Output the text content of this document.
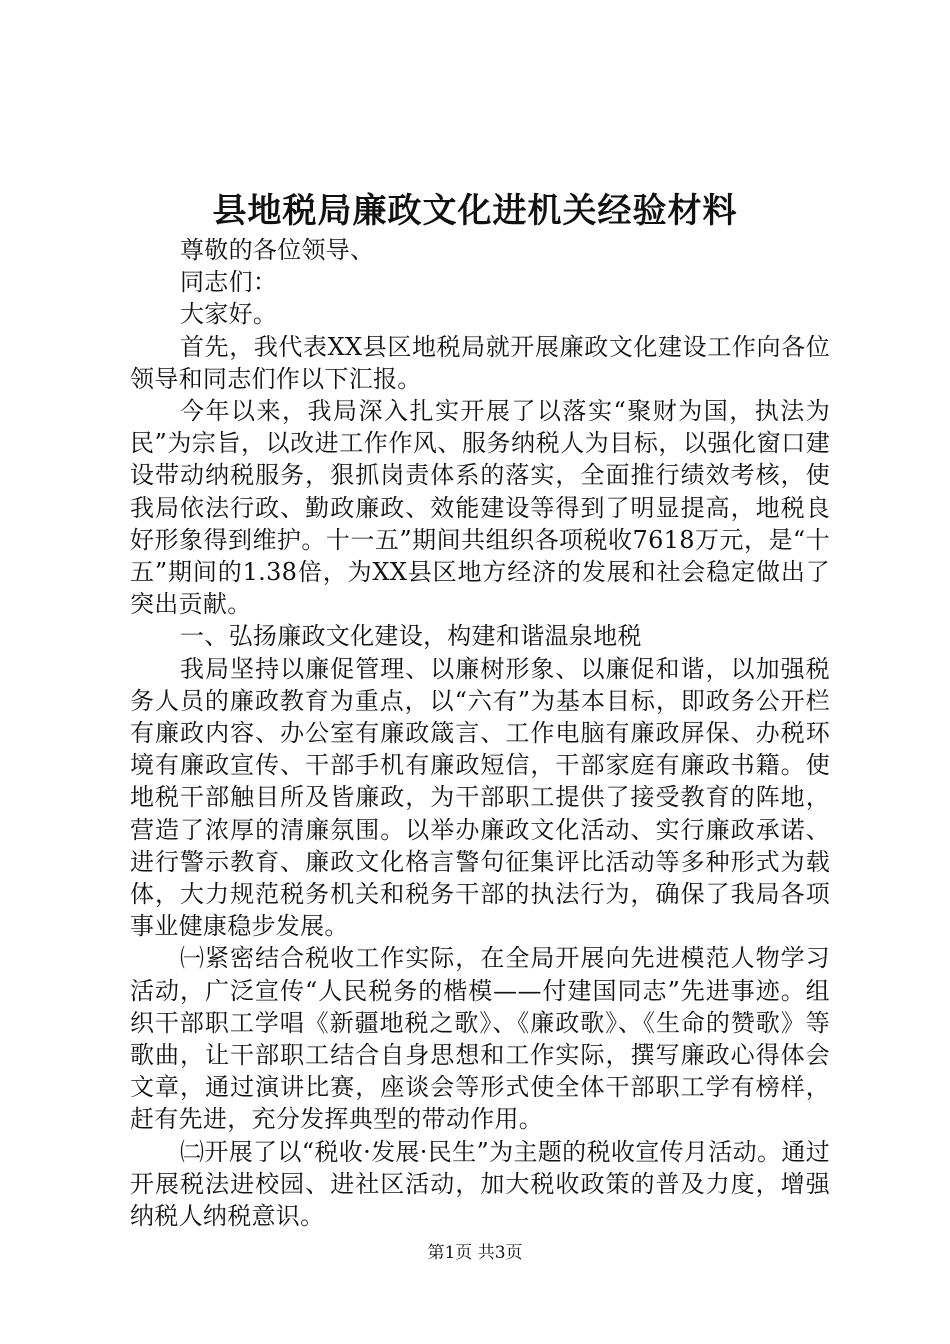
县地税局廉政文化进机关经验材料

尊敬的各位领导、

同志们：

大家好。

首先，我代表XX县区地税局就开展廉政文化建设工作向各位领导和同志们作以下汇报。

今年以来，我局深入扎实开展了以落实“聚财为国，执法为民”为宗旨，以改进工作作风、服务纳税人为目标，以强化窗口建设带动纳税服务，狠抓岗责体系的落实，全面推行绩效考核，使我局依法行政、勤政廉政、效能建设等得到了明显提高，地税良好形象得到维护。十一五”期间共组织各项税收7618万元，是“十五”期间的1.38倍，为XX县区地方经济的发展和社会稳定做出了突出贡献。

一、弘扬廉政文化建设，构建和谐温泉地税

我局坚持以廉促管理、以廉树形象、以廉促和谐，以加强税务人员的廉政教育为重点，以“六有”为基本目标，即政务公开栏有廉政内容、办公室有廉政箴言、工作电脑有廉政屏保、办税环境有廉政宣传、干部手机有廉政短信，干部家庭有廉政书籍。使地税干部触目所及皆廉政，为干部职工提供了接受教育的阵地，营造了浓厚的清廉氛围。以举办廉政文化活动、实行廉政承诺、进行警示教育、廉政文化格言警句征集评比活动等多种形式为载体，大力规范税务机关和税务干部的执法行为，确保了我局各项事业健康稳步发展。

㈠紧密结合税收工作实际，在全局开展向先进模范人物学习活动，广泛宣传“人民税务的楷模——付建国同志”先进事迹。组织干部职工学唱《新疆地税之歌》、《廉政歌》、《生命的赞歌》等歌曲，让干部职工结合自身思想和工作实际，撰写廉政心得体会文章，通过演讲比赛，座谈会等形式使全体干部职工学有榜样，赶有先进，充分发挥典型的带动作用。

㈡开展了以“税收·发展·民生”为主题的税收宣传月活动。通过开展税法进校园、进社区活动，加大税收政策的普及力度，增强纳税人纳税意识。

第1页 共3页
